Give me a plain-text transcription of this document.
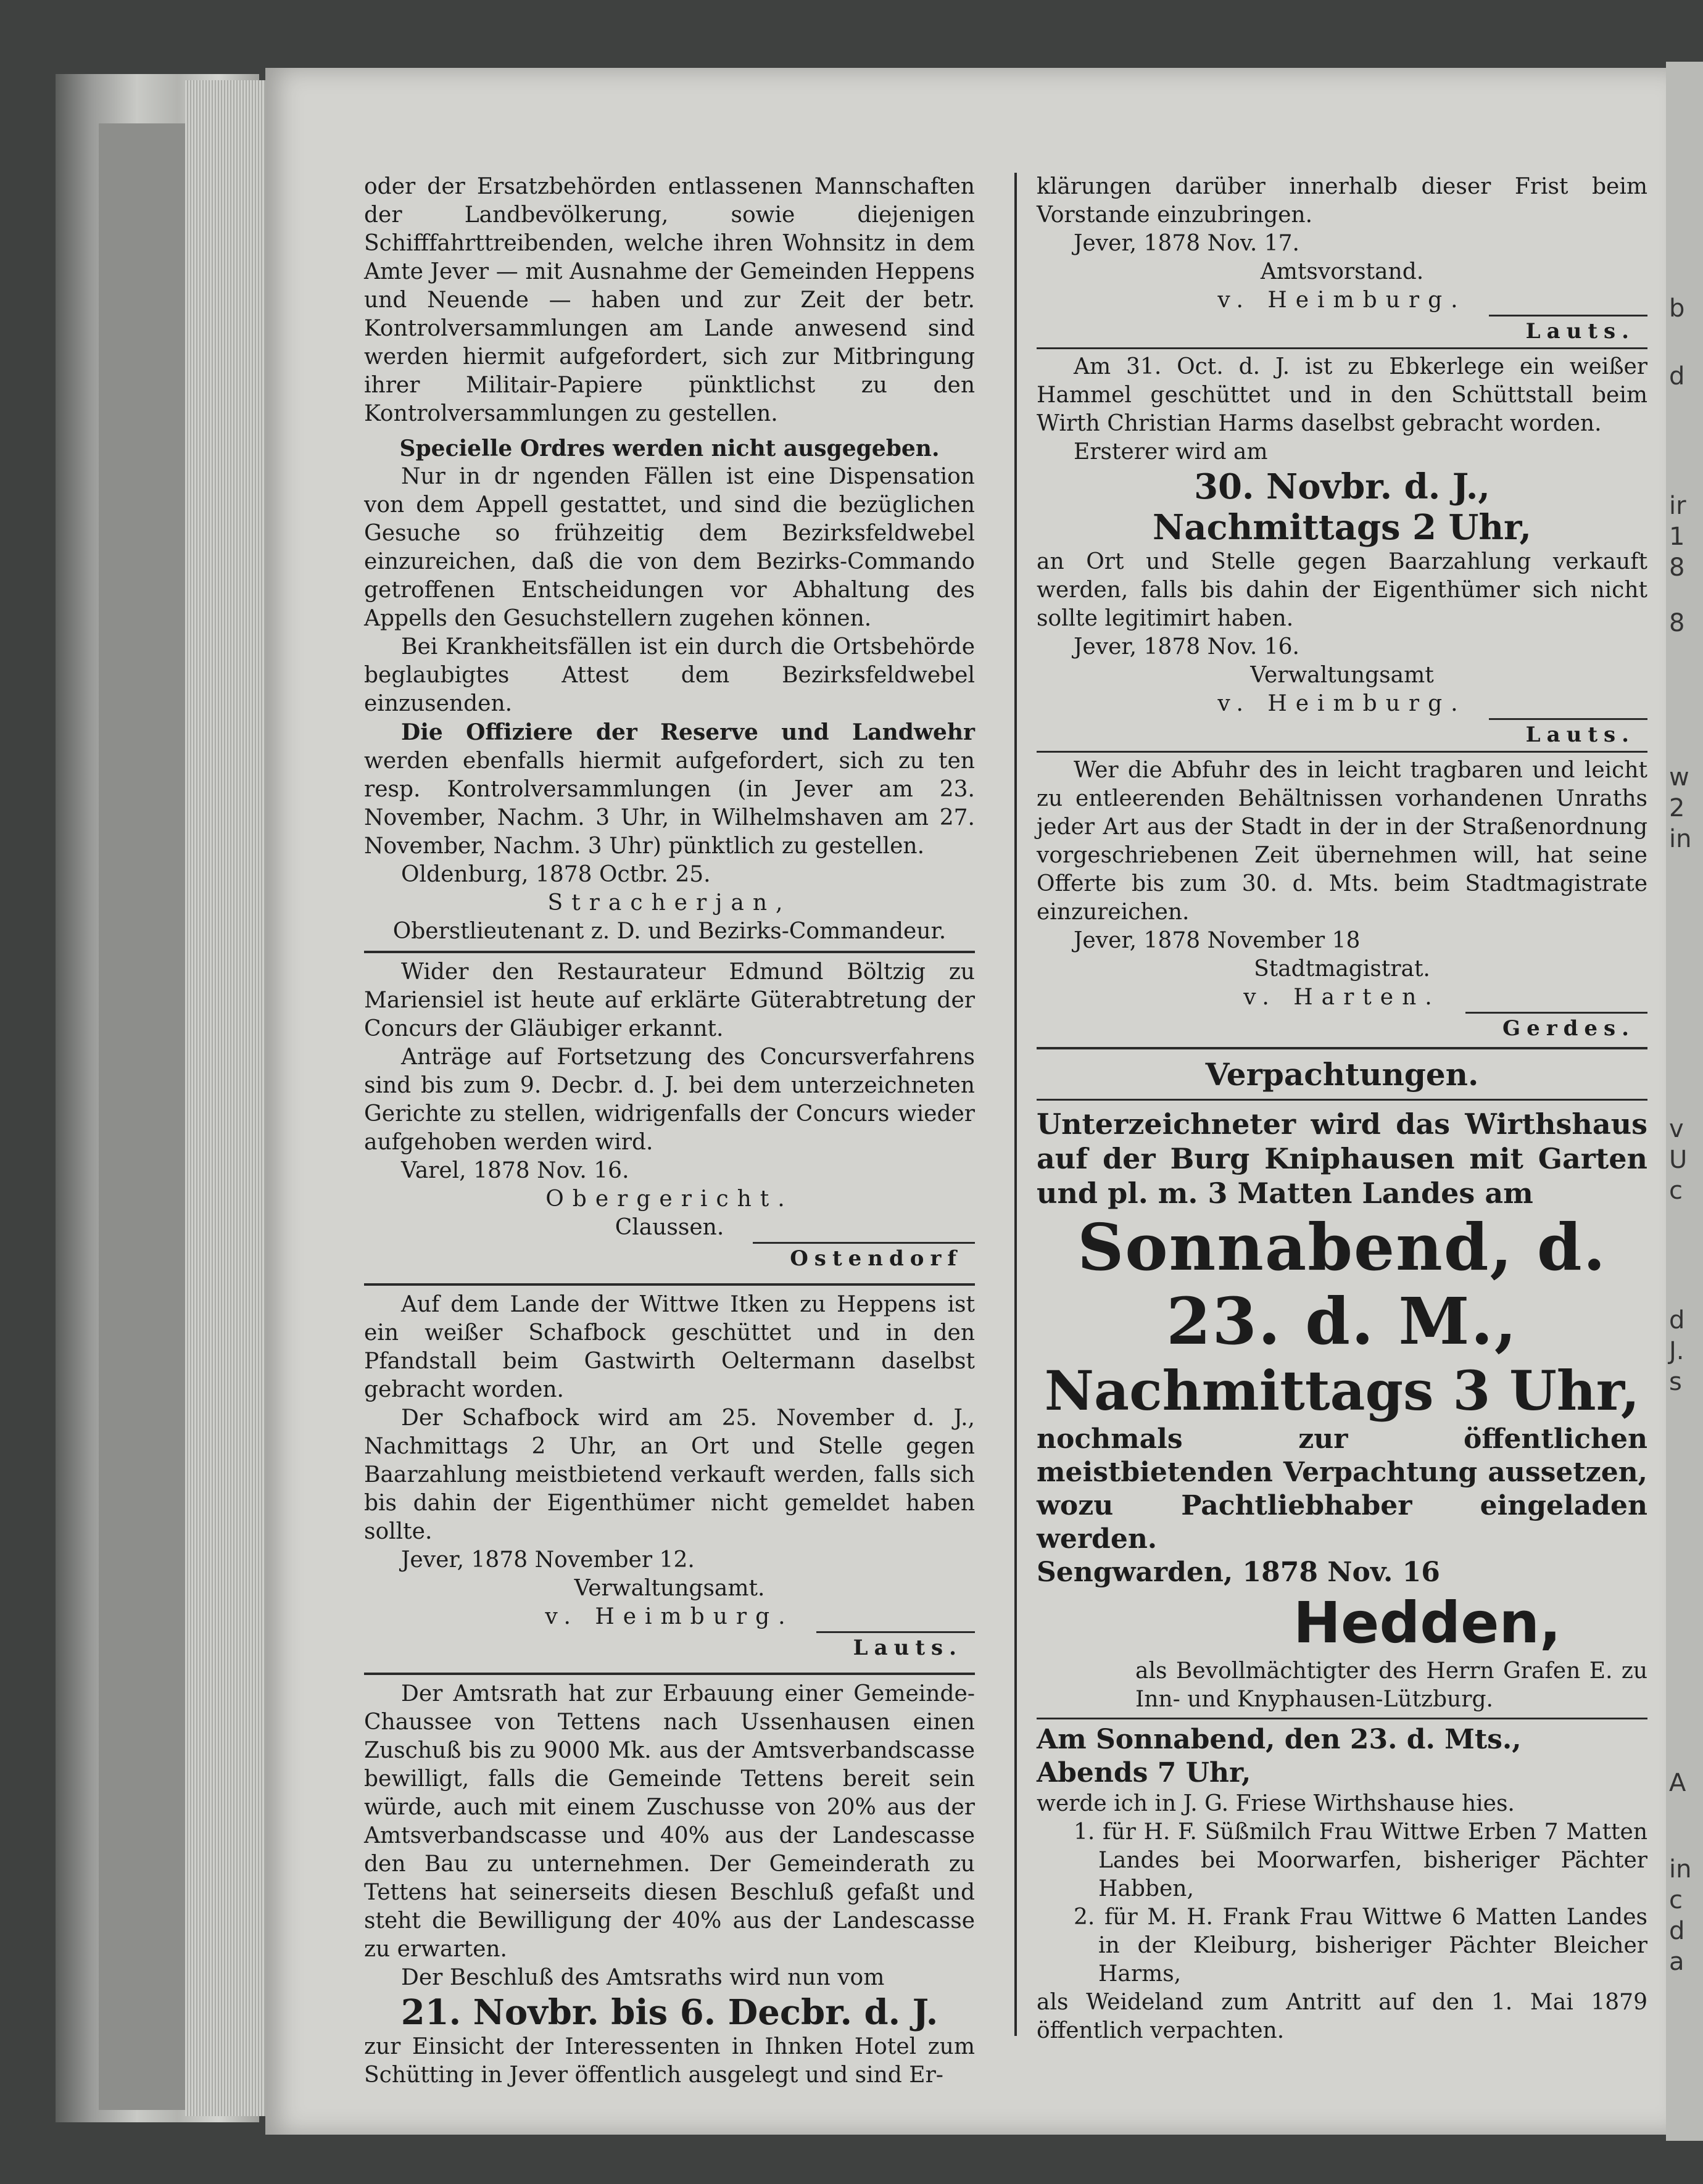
oder der Ersatzbehörden entlassenen Mannschaften der Landbevölkerung, sowie diejenigen Schifffahrttreibenden, welche ihren Wohnsitz in dem Amte Jever — mit Ausnahme der Gemeinden Heppens und Neuende — haben und zur Zeit der betr. Kontrolversammlungen am Lande anwesend sind werden hiermit aufgefordert, sich zur Mitbringung ihrer Militair-Papiere pünktlichst zu den Kontrolversammlungen zu gestellen.

Specielle Ordres werden nicht ausgegeben.

Nur in dr ngenden Fällen ist eine Dispensation von dem Appell gestattet, und sind die bezüglichen Gesuche so frühzeitig dem Bezirksfeldwebel einzureichen, daß die von dem Bezirks-Commando getroffenen Entscheidungen vor Abhaltung des Appells den Gesuchstellern zugehen können.

Bei Krankheitsfällen ist ein durch die Ortsbehörde beglaubigtes Attest dem Bezirksfeldwebel einzusenden.

Die Offiziere der Reserve und Landwehr werden ebenfalls hiermit aufgefordert, sich zu ten resp. Kontrolversammlungen (in Jever am 23. November, Nachm. 3 Uhr, in Wilhelmshaven am 27. November, Nachm. 3 Uhr) pünktlich zu gestellen.

Oldenburg, 1878 Octbr. 25.

Stracherjan,

Oberstlieutenant z. D. und Bezirks-Commandeur.

Wider den Restaurateur Edmund Böltzig zu Mariensiel ist heute auf erklärte Güterabtretung der Concurs der Gläubiger erkannt.

Anträge auf Fortsetzung des Concursverfahrens sind bis zum 9. Decbr. d. J. bei dem unterzeichneten Gerichte zu stellen, widrigenfalls der Concurs wieder aufgehoben werden wird.

Varel, 1878 Nov. 16.

Obergericht.

Claussen.

Ostendorf

Auf dem Lande der Wittwe Itken zu Heppens ist ein weißer Schafbock geschüttet und in den Pfandstall beim Gastwirth Oeltermann daselbst gebracht worden.

Der Schafbock wird am 25. November d. J., Nachmittags 2 Uhr, an Ort und Stelle gegen Baarzahlung meistbietend verkauft werden, falls sich bis dahin der Eigenthümer nicht gemeldet haben sollte.

Jever, 1878 November 12.

Verwaltungsamt.

v. Heimburg.

Lauts.

Der Amtsrath hat zur Erbauung einer Gemeinde-Chaussee von Tettens nach Ussenhausen einen Zuschuß bis zu 9000 Mk. aus der Amtsverbandscasse bewilligt, falls die Gemeinde Tettens bereit sein würde, auch mit einem Zuschusse von 20% aus der Amtsverbandscasse und 40% aus der Landescasse den Bau zu unternehmen. Der Gemeinderath zu Tettens hat seinerseits diesen Beschluß gefaßt und steht die Bewilligung der 40% aus der Landescasse zu erwarten.

Der Beschluß des Amtsraths wird nun vom

21. Novbr. bis 6. Decbr. d. J.

zur Einsicht der Interessenten in Ihnken Hotel zum Schütting in Jever öffentlich ausgelegt und sind Er-

klärungen darüber innerhalb dieser Frist beim Vorstande einzubringen.

Jever, 1878 Nov. 17.

Amtsvorstand.

v. Heimburg.

Lauts.

Am 31. Oct. d. J. ist zu Ebkerlege ein weißer Hammel geschüttet und in den Schüttstall beim Wirth Christian Harms daselbst gebracht worden.

Ersterer wird am

30. Novbr. d. J.,

Nachmittags 2 Uhr,

an Ort und Stelle gegen Baarzahlung verkauft werden, falls bis dahin der Eigenthümer sich nicht sollte legitimirt haben.

Jever, 1878 Nov. 16.

Verwaltungsamt

v. Heimburg.

Lauts.

Wer die Abfuhr des in leicht tragbaren und leicht zu entleerenden Behältnissen vorhandenen Unraths jeder Art aus der Stadt in der in der Straßenordnung vorgeschriebenen Zeit übernehmen will, hat seine Offerte bis zum 30. d. Mts. beim Stadtmagistrate einzureichen.

Jever, 1878 November 18

Stadtmagistrat.

v. Harten.

Gerdes.

Verpachtungen.

Unterzeichneter wird das Wirthshaus auf der Burg Kniphausen mit Garten und pl. m. 3 Matten Landes am

Sonnabend, d. 23. d. M.,

Nachmittags 3 Uhr,

nochmals zur öffentlichen meistbietenden Verpachtung aussetzen, wozu Pachtliebhaber eingeladen werden.

Sengwarden, 1878 Nov. 16

Hedden,

als Bevollmächtigter des Herrn Grafen E. zu Inn- und Knyphausen-Lützburg.

Am Sonnabend, den 23. d. Mts.,

Abends 7 Uhr,

werde ich in J. G. Friese Wirthshause hies.

1. für H. F. Süßmilch Frau Wittwe Erben 7 Matten Landes bei Moorwarfen, bisheriger Pächter Habben,

2. für M. H. Frank Frau Wittwe 6 Matten Landes in der Kleiburg, bisheriger Pächter Bleicher Harms,

als Weideland zum Antritt auf den 1. Mai 1879 öffentlich verpachten.

b
d
ir
1
8
8
w
2
in
v
U
c
d
J.
s
A
in
c
d
a
